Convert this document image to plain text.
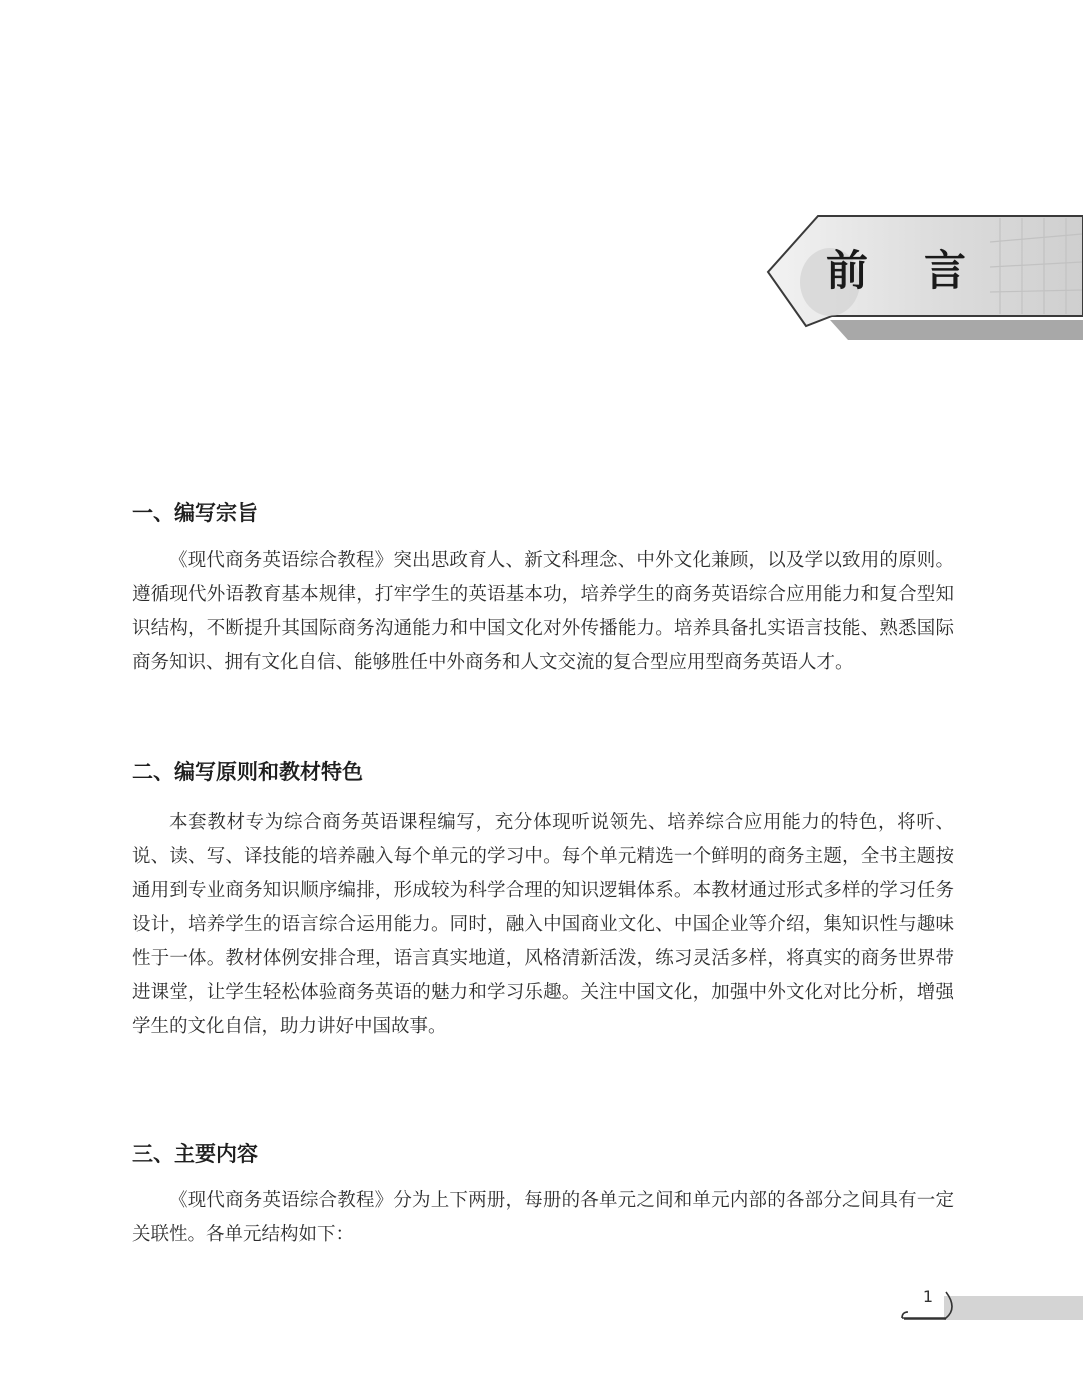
前 言
一、编写宗旨

《现代商务英语综合教程》突出思政育人、新文科理念、中外文化兼顾，以及学以致用的原则。遵循现代外语教育基本规律，打牢学生的英语基本功，培养学生的商务英语综合应用能力和复合型知识结构，不断提升其国际商务沟通能力和中国文化对外传播能力。培养具备扎实语言技能、熟悉国际商务知识、拥有文化自信、能够胜任中外商务和人文交流的复合型应用型商务英语人才。

二、编写原则和教材特色

本套教材专为综合商务英语课程编写，充分体现听说领先、培养综合应用能力的特色，将听、说、读、写、译技能的培养融入每个单元的学习中。每个单元精选一个鲜明的商务主题，全书主题按通用到专业商务知识顺序编排，形成较为科学合理的知识逻辑体系。本教材通过形式多样的学习任务设计，培养学生的语言综合运用能力。同时，融入中国商业文化、中国企业等介绍，集知识性与趣味性于一体。教材体例安排合理，语言真实地道，风格清新活泼，练习灵活多样，将真实的商务世界带进课堂，让学生轻松体验商务英语的魅力和学习乐趣。关注中国文化，加强中外文化对比分析，增强学生的文化自信，助力讲好中国故事。

三、主要内容

《现代商务英语综合教程》分为上下两册，每册的各单元之间和单元内部的各部分之间具有一定关联性。各单元结构如下：

1
